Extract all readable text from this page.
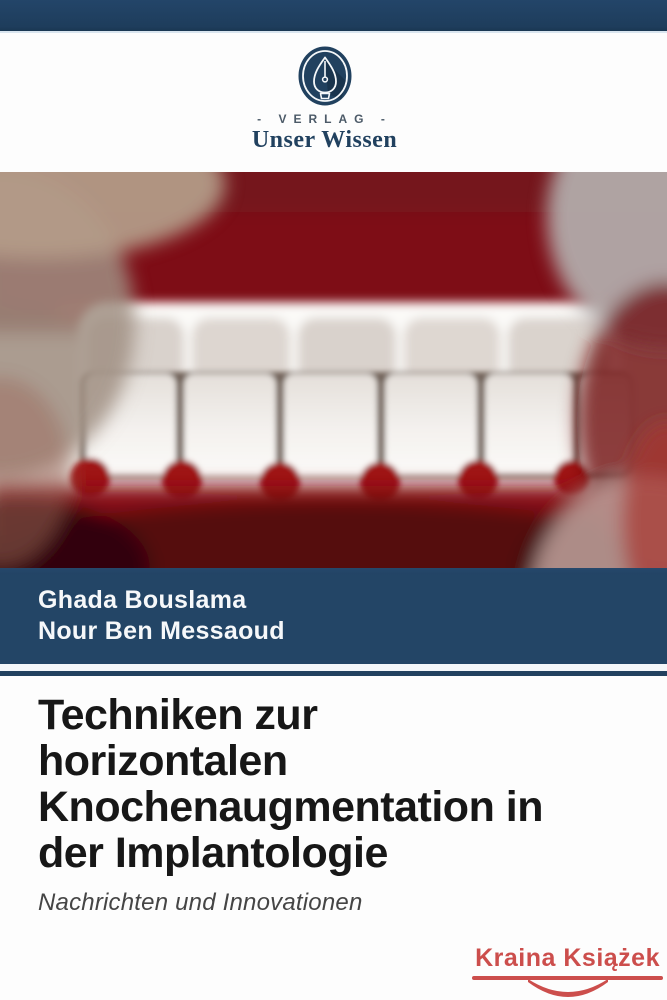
- VERLAG -
Unser Wissen
Ghada Bouslama
Nour Ben Messaoud
Techniken zur
horizontalen
Knochenaugmentation in
der Implantologie
Nachrichten und Innovationen
Kraina Książek
